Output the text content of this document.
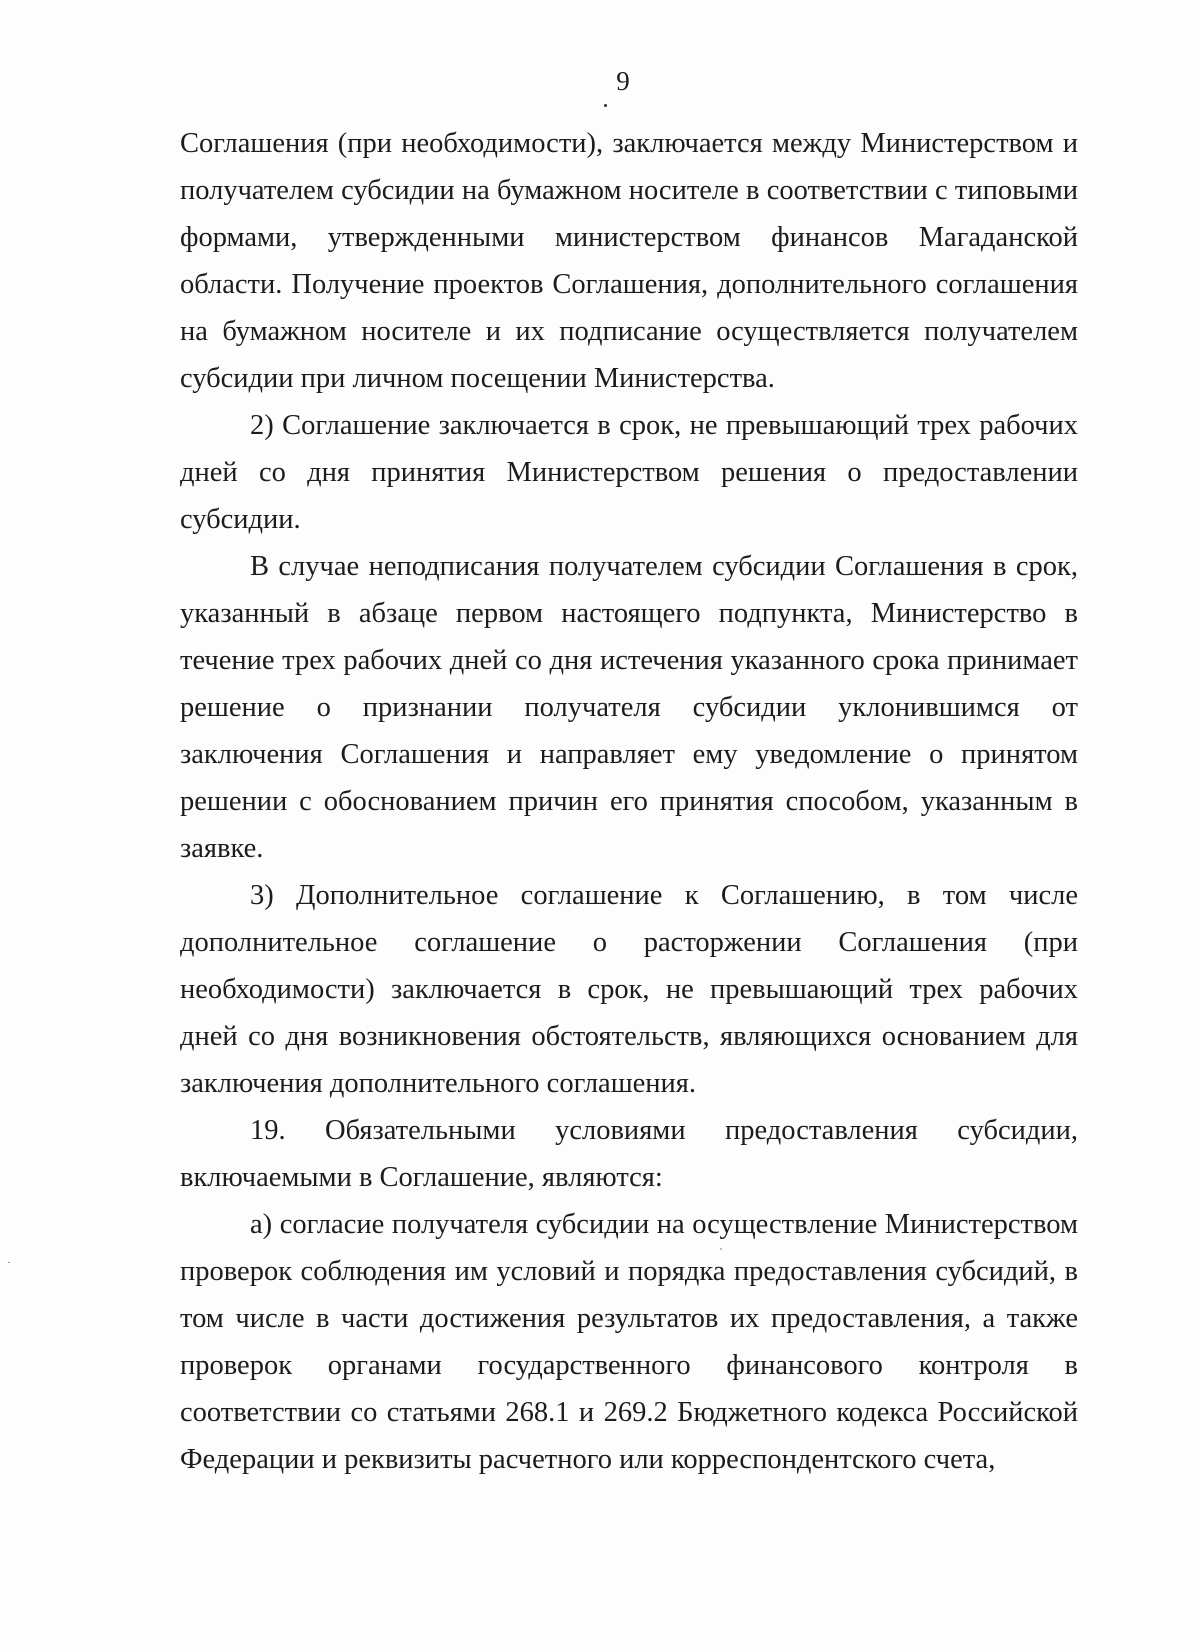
9

Соглашения (при необходимости), заключается между Министерством и получателем субсидии на бумажном носителе в соответствии с типовыми формами, утвержденными министерством финансов Магаданской области. Получение проектов Соглашения, дополнительного соглашения на бумажном носителе и их подписание осуществляется получателем субсидии при личном посещении Министерства.

2) Соглашение заключается в срок, не превышающий трех рабочих дней со дня принятия Министерством решения о предоставлении субсидии.

В случае неподписания получателем субсидии Соглашения в срок, указанный в абзаце первом настоящего подпункта, Министерство в течение трех рабочих дней со дня истечения указанного срока принимает решение о признании получателя субсидии уклонившимся от заключения Соглашения и направляет ему уведомление о принятом решении с обоснованием причин его принятия способом, указанным в заявке.

3) Дополнительное соглашение к Соглашению, в том числе дополнительное соглашение о расторжении Соглашения (при необходимости) заключается в срок, не превышающий трех рабочих дней со дня возникновения обстоятельств, являющихся основанием для заключения дополнительного соглашения.

19. Обязательными условиями предоставления субсидии, включаемыми в Соглашение, являются:

а) согласие получателя субсидии на осуществление Министерством проверок соблюдения им условий и порядка предоставления субсидий, в том числе в части достижения результатов их предоставления, а также проверок органами государственного финансового контроля в соответствии со статьями 268.1 и 269.2 Бюджетного кодекса Российской Федерации и реквизиты расчетного или корреспондентского счета,
